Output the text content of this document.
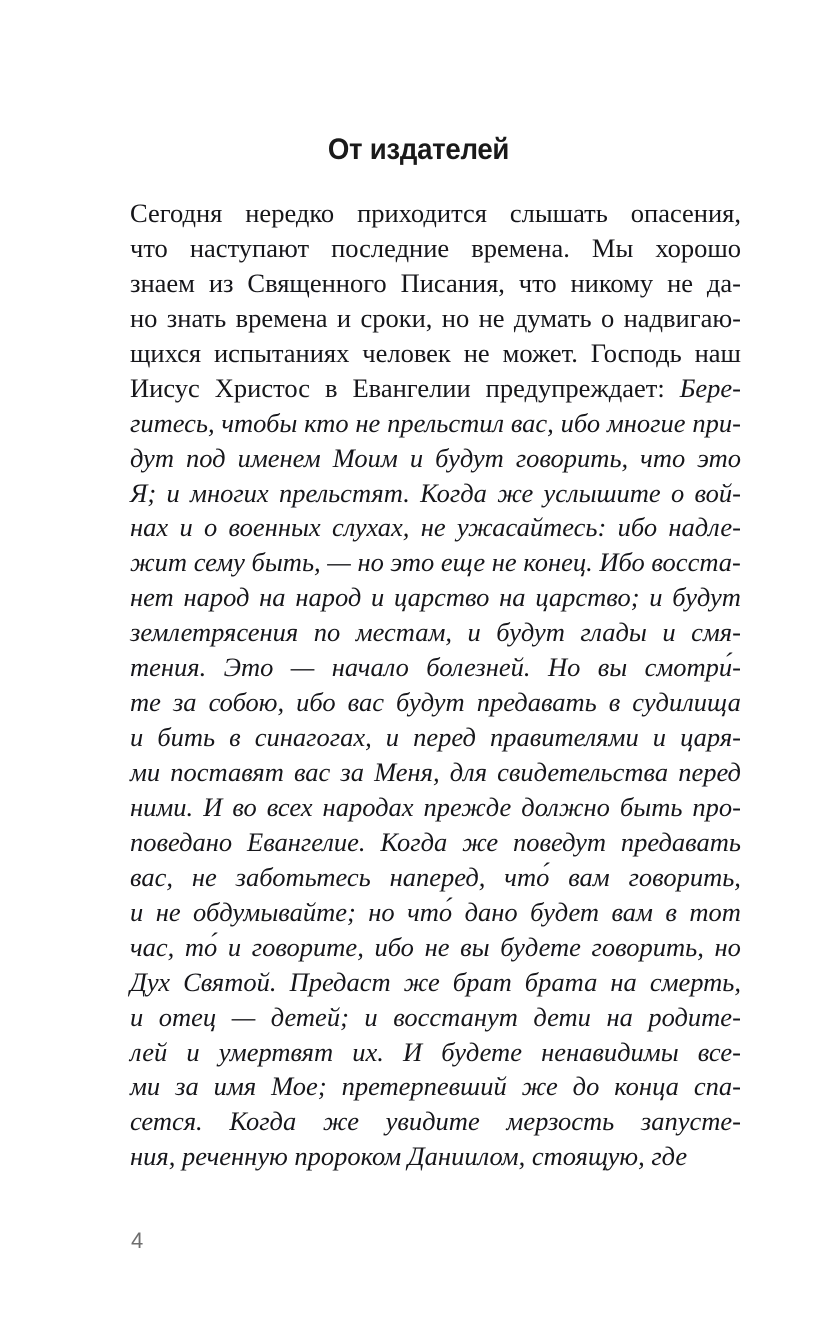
От издателей
Сегодня нередко приходится слышать опасения,
что наступают последние времена. Мы хорошо
знаем из Священного Писания, что никому не да-
но знать времена и сроки, но не думать о надвигаю-
щихся испытаниях человек не может. Господь наш
Иисус Христос в Евангелии предупреждает: Бере-
гитесь, чтобы кто не прельстил вас, ибо многие при-
дут под именем Моим и будут говорить, что это
Я; и многих прельстят. Когда же услышите о вой-
нах и о военных слухах, не ужасайтесь: ибо надле-
жит сему быть, — но это еще не конец. Ибо восста-
нет народ на народ и царство на царство; и будут
землетрясения по местам, и будут глады и смя-
тения. Это — начало болезней. Но вы смотри́-
те за собою, ибо вас будут предавать в судилища
и бить в синагогах, и перед правителями и царя-
ми поставят вас за Меня, для свидетельства перед
ними. И во всех народах прежде должно быть про-
поведано Евангелие. Когда же поведут предавать
вас, не заботьтесь наперед, что́ вам говорить,
и не обдумывайте; но что́ дано будет вам в тот
час, то́ и говорите, ибо не вы будете говорить, но
Дух Святой. Предаст же брат брата на смерть,
и отец — детей; и восстанут дети на родите-
лей и умертвят их. И будете ненавидимы все-
ми за имя Мое; претерпевший же до конца спа-
сется. Когда же увидите мерзость запусте-
ния, реченную пророком Даниилом, стоящую, где
4
